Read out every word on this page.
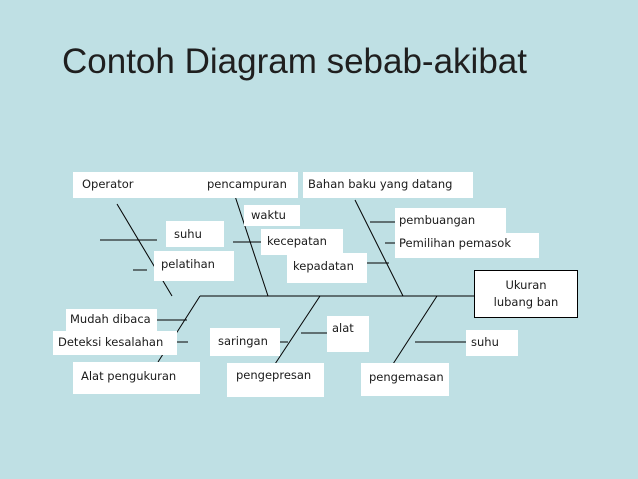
Contoh Diagram sebab-akibat
Operator	pencampuran	Bahan baku yang datang
suhu
pelatihan
waktu
kecepatan
kepadatan
pembuangan
Pemilihan pemasok
Ukuran
lubang ban
Mudah dibaca
Deteksi kesalahan	saringan
alat
suhu
Alat pengukuran	pengepresan	pengemasan
